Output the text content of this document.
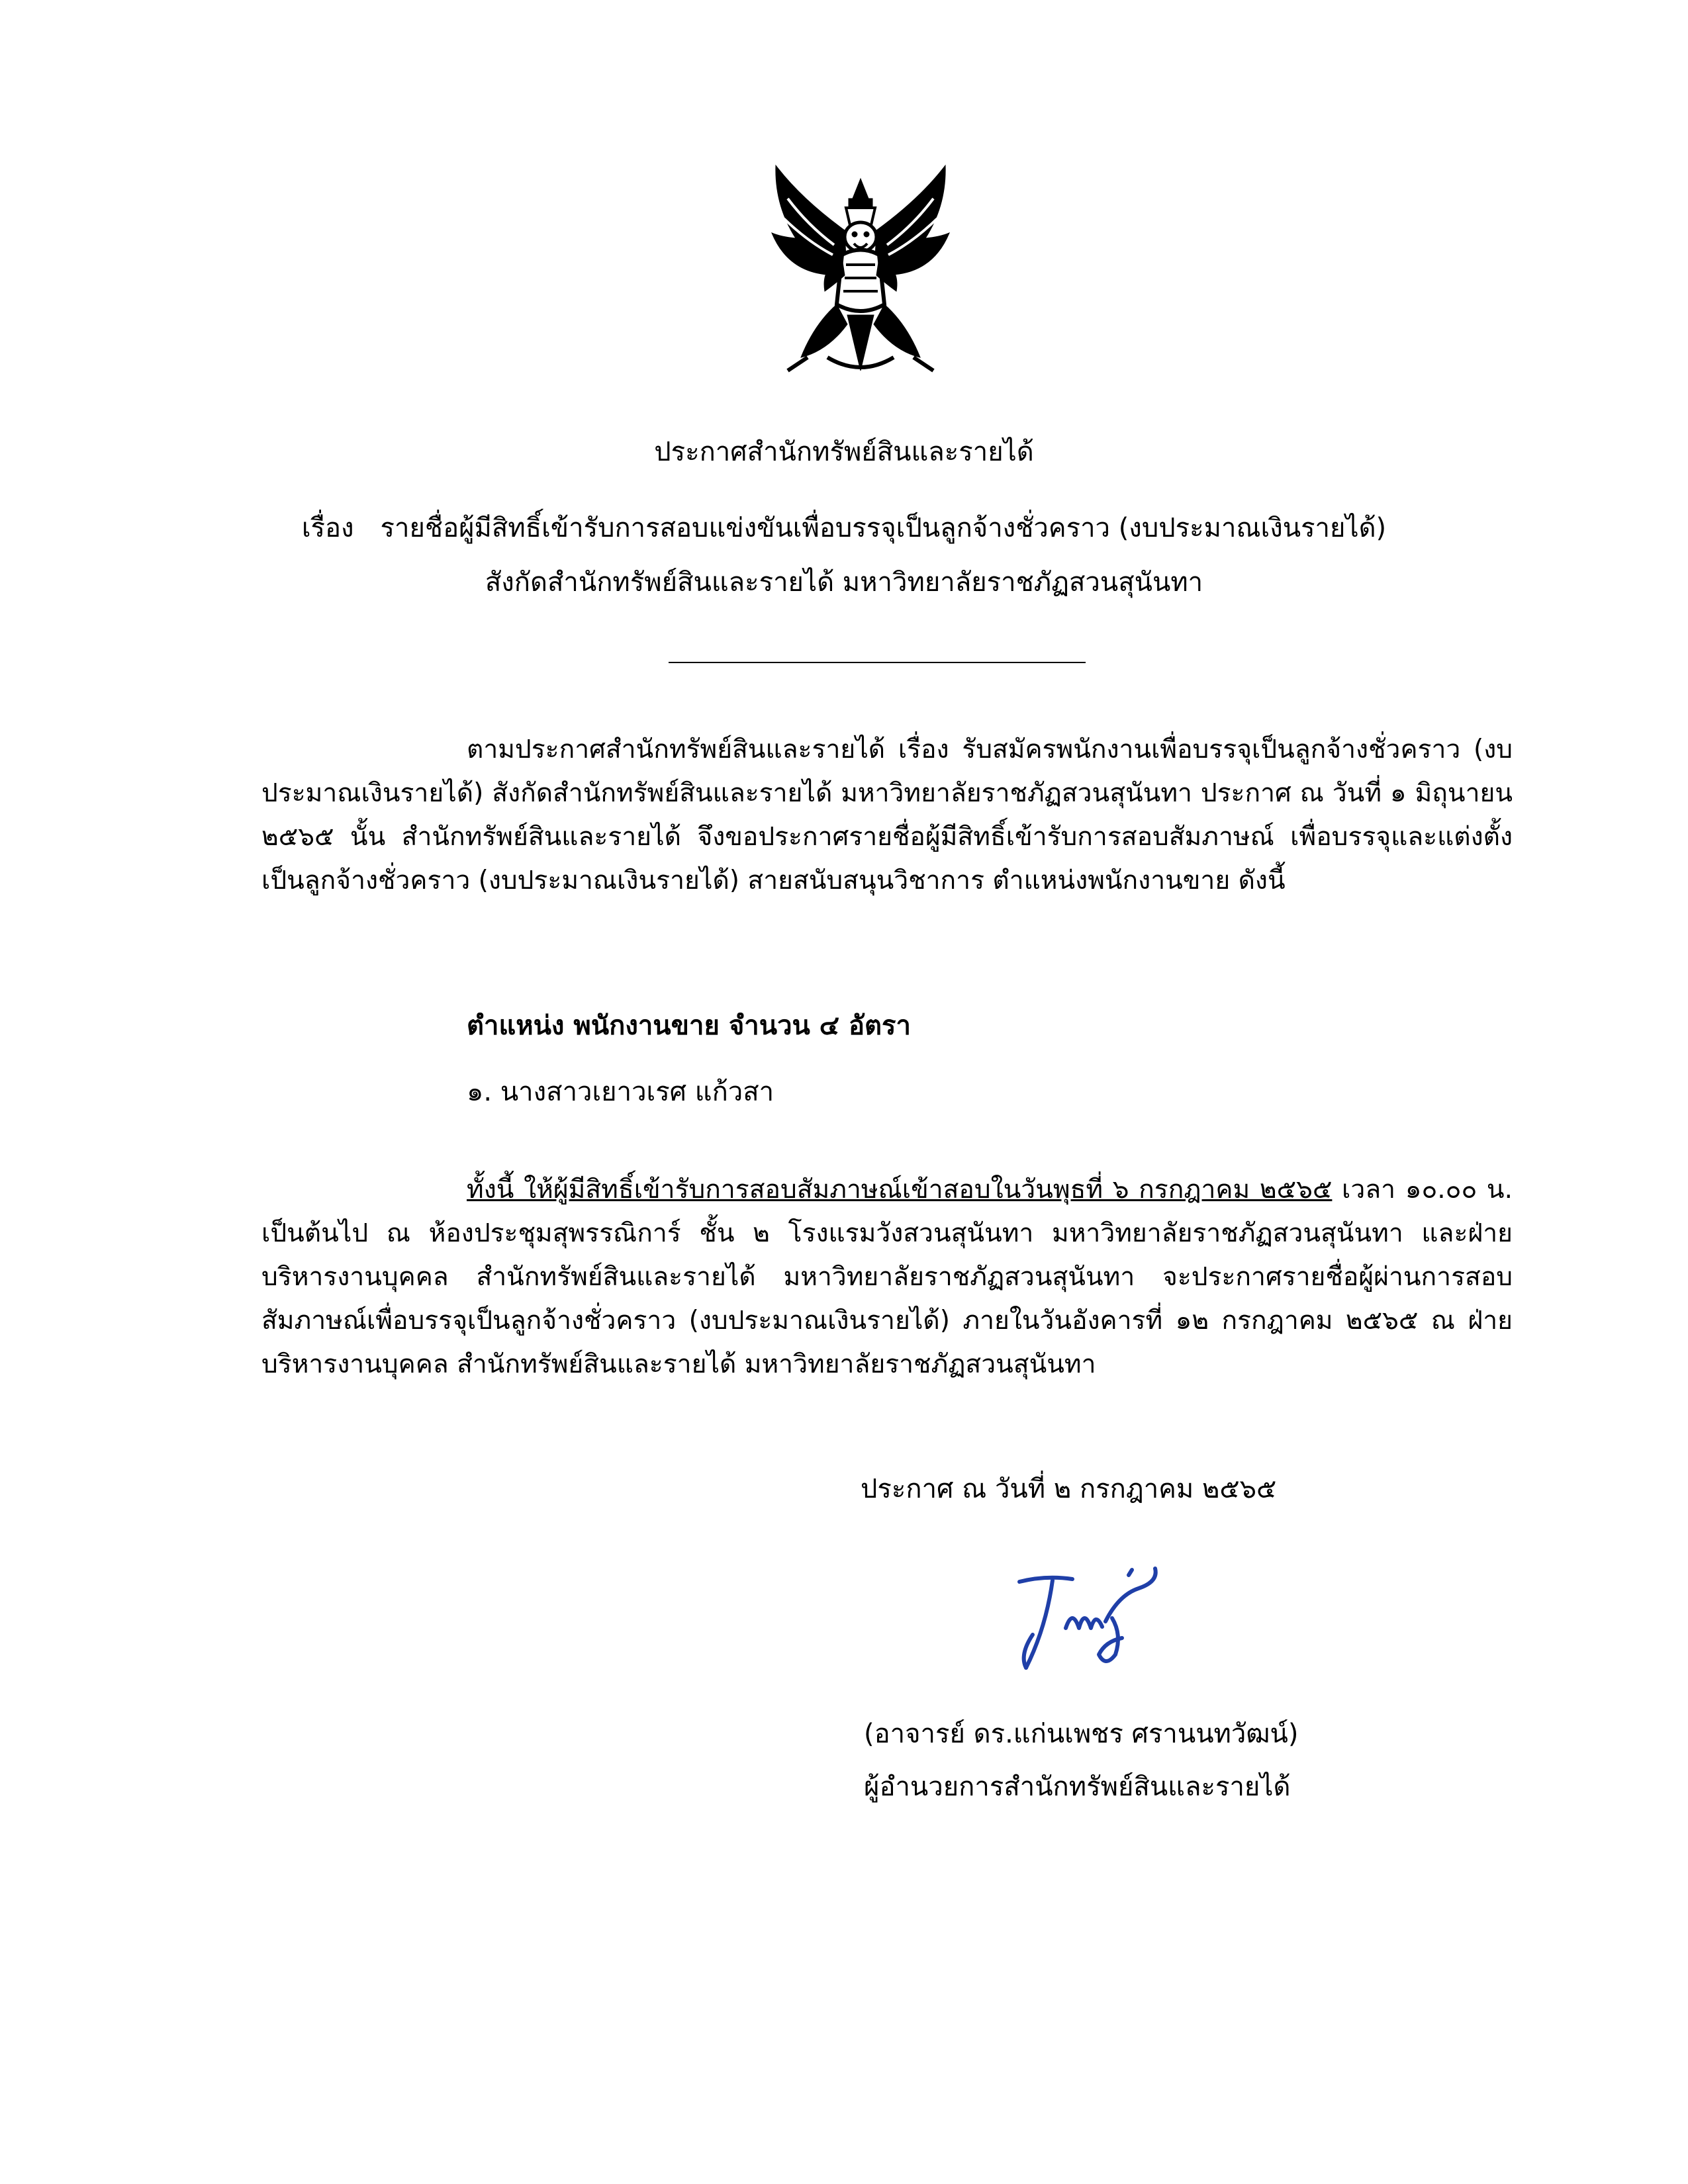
ประกาศสำนักทรัพย์สินและรายได้
เรื่อง รายชื่อผู้มีสิทธิ์เข้ารับการสอบแข่งขันเพื่อบรรจุเป็นลูกจ้างชั่วคราว (งบประมาณเงินรายได้)
สังกัดสำนักทรัพย์สินและรายได้ มหาวิทยาลัยราชภัฏสวนสุนันทา

ตามประกาศสำนักทรัพย์สินและรายได้ เรื่อง รับสมัครพนักงานเพื่อบรรจุเป็นลูกจ้างชั่วคราว (งบประมาณเงินรายได้) สังกัดสำนักทรัพย์สินและรายได้ มหาวิทยาลัยราชภัฏสวนสุนันทา ประกาศ ณ วันที่ ๑ มิถุนายน ๒๕๖๕ นั้น สำนักทรัพย์สินและรายได้ จึงขอประกาศรายชื่อผู้มีสิทธิ์เข้ารับการสอบสัมภาษณ์ เพื่อบรรจุและแต่งตั้งเป็นลูกจ้างชั่วคราว (งบประมาณเงินรายได้) สายสนับสนุนวิชาการ ตำแหน่งพนักงานขาย ดังนี้

ตำแหน่ง พนักงานขาย จำนวน ๔ อัตรา
๑. นางสาวเยาวเรศ แก้วสา

ทั้งนี้ ให้ผู้มีสิทธิ์เข้ารับการสอบสัมภาษณ์เข้าสอบในวันพุธที่ ๖ กรกฎาคม ๒๕๖๕ เวลา ๑๐.๐๐ น. เป็นต้นไป ณ ห้องประชุมสุพรรณิการ์ ชั้น ๒ โรงแรมวังสวนสุนันทา มหาวิทยาลัยราชภัฏสวนสุนันทา และฝ่ายบริหารงานบุคคล สำนักทรัพย์สินและรายได้ มหาวิทยาลัยราชภัฏสวนสุนันทา จะประกาศรายชื่อผู้ผ่านการสอบสัมภาษณ์เพื่อบรรจุเป็นลูกจ้างชั่วคราว (งบประมาณเงินรายได้) ภายในวันอังคารที่ ๑๒ กรกฎาคม ๒๕๖๕ ณ ฝ่ายบริหารงานบุคคล สำนักทรัพย์สินและรายได้ มหาวิทยาลัยราชภัฏสวนสุนันทา

ประกาศ ณ วันที่ ๒ กรกฎาคม ๒๕๖๕
(อาจารย์ ดร.แก่นเพชร ศรานนทวัฒน์)
ผู้อำนวยการสำนักทรัพย์สินและรายได้
